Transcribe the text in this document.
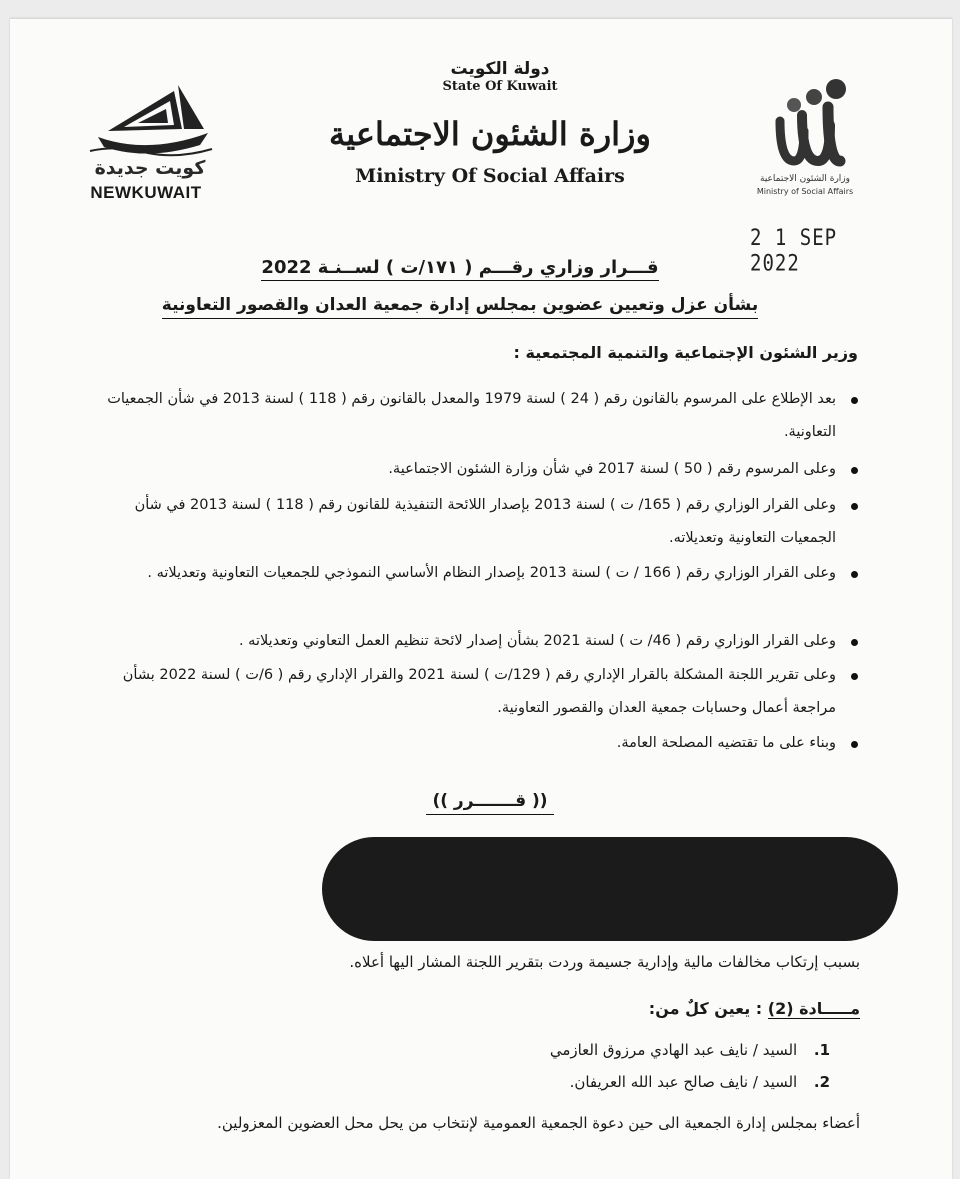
كويت جديدة
NEWKUWAIT
دولة الكويت
State Of Kuwait
وزارة الشئون الاجتماعية
Ministry Of Social Affairs	وزارة الشئون الاجتماعية
Ministry of Social Affairs
2 1 SEP 2022
قـــرار وزاري رقـــم ( ١٧١/ت ) لســنـة 2022
بشأن عزل وتعيين عضوين بمجلس إدارة جمعية العدان والقصور التعاونية
وزير الشئون الإجتماعية والتنمية المجتمعية :
بعد الإطلاع على المرسوم بالقانون رقم ( 24 ) لسنة 1979 والمعدل بالقانون رقم ( 118 ) لسنة 2013 في شأن الجمعيات التعاونية.
وعلى المرسوم رقم ( 50 ) لسنة 2017 في شأن وزارة الشئون الاجتماعية.
وعلى القرار الوزاري رقم ( 165/ ت ) لسنة 2013 بإصدار اللائحة التنفيذية للقانون رقم ( 118 ) لسنة 2013 في شأن الجمعيات التعاونية وتعديلاته.
وعلى القرار الوزاري رقم ( 166 / ت ) لسنة 2013 بإصدار النظام الأساسي النموذجي للجمعيات التعاونية وتعديلاته .
وعلى القرار الوزاري رقم ( 46/ ت ) لسنة 2021 بشأن إصدار لائحة تنظيم العمل التعاوني وتعديلاته .
وعلى تقرير اللجنة المشكلة بالقرار الإداري رقم ( 129/ت ) لسنة 2021 والقرار الإداري رقم ( 6/ت ) لسنة 2022 بشأن مراجعة أعمال وحسابات جمعية العدان والقصور التعاونية.
وبناء على ما تقتضيه المصلحة العامة.
(( قـــــــرر ))
بسبب إرتكاب مخالفات مالية وإدارية جسيمة وردت بتقرير اللجنة المشار اليها أعلاه.
مـــــادة (2) : يعين كلٌ من:
1. السيد / نايف عبد الهادي مرزوق العازمي
2. السيد / نايف صالح عبد الله العريفان.
أعضاء بمجلس إدارة الجمعية الى حين دعوة الجمعية العمومية لإنتخاب من يحل محل العضوين المعزولين.
